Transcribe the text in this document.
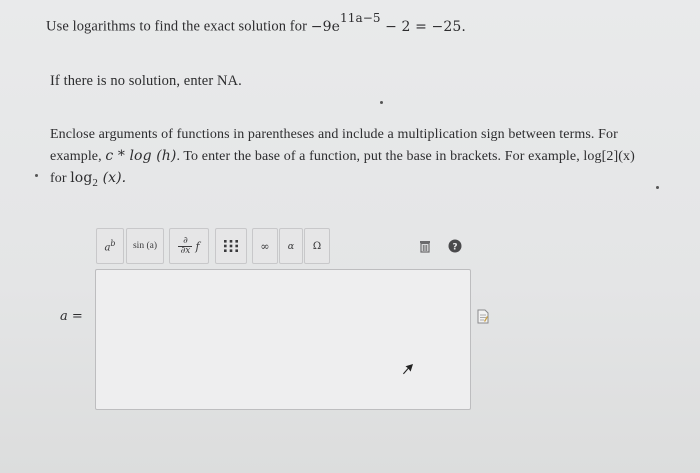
Use logarithms to find the exact solution for $-9e^{11a-5} - 2 = -25$.
If there is no solution, enter NA.
Enclose arguments of functions in parentheses and include a multiplication sign between terms. For
example, c * log (h). To enter the base of a function, put the base in brackets. For example, log[2](x)
for $\log_2 (x)$.
$a^b$ sin (a)
∂
∂x f	∞ α Ω	?
a =
